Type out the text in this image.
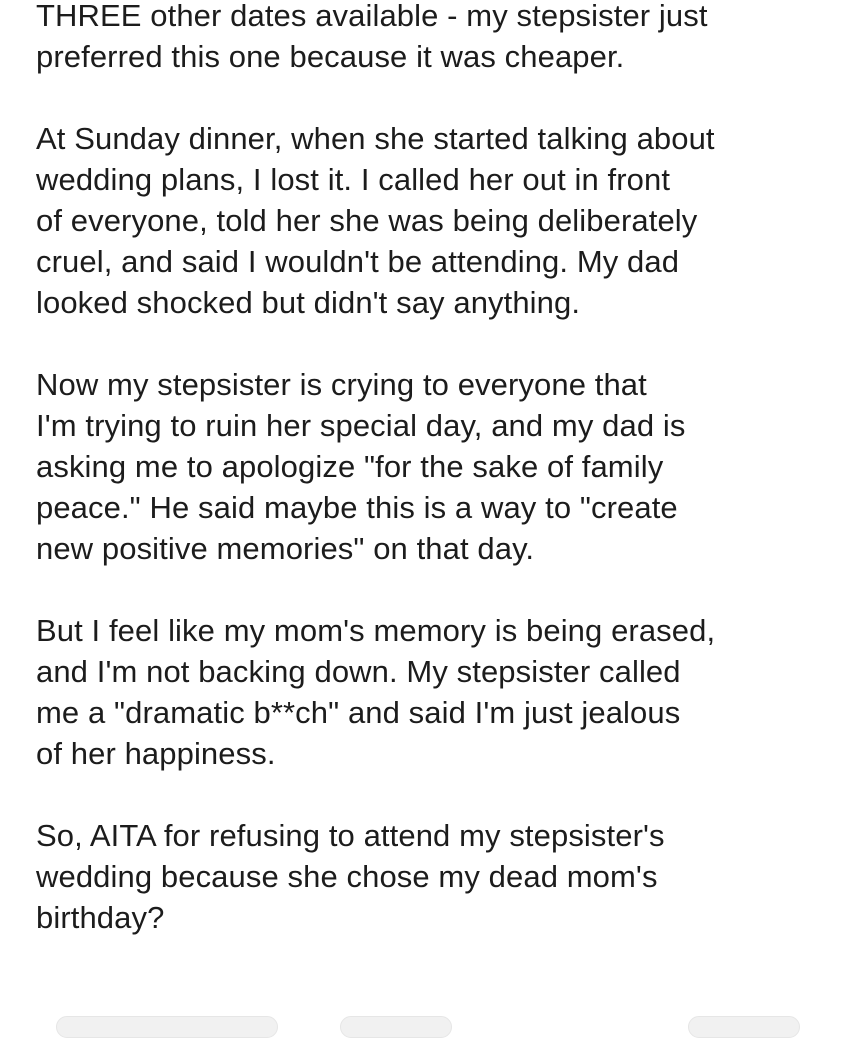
THREE other dates available - my stepsister just
preferred this one because it was cheaper.
At Sunday dinner, when she started talking about
wedding plans, I lost it. I called her out in front
of everyone, told her she was being deliberately
cruel, and said I wouldn't be attending. My dad
looked shocked but didn't say anything.
Now my stepsister is crying to everyone that
I'm trying to ruin her special day, and my dad is
asking me to apologize "for the sake of family
peace." He said maybe this is a way to "create
new positive memories" on that day.
But I feel like my mom's memory is being erased,
and I'm not backing down. My stepsister called
me a "dramatic b**ch" and said I'm just jealous
of her happiness.
So, AITA for refusing to attend my stepsister's
wedding because she chose my dead mom's
birthday?
